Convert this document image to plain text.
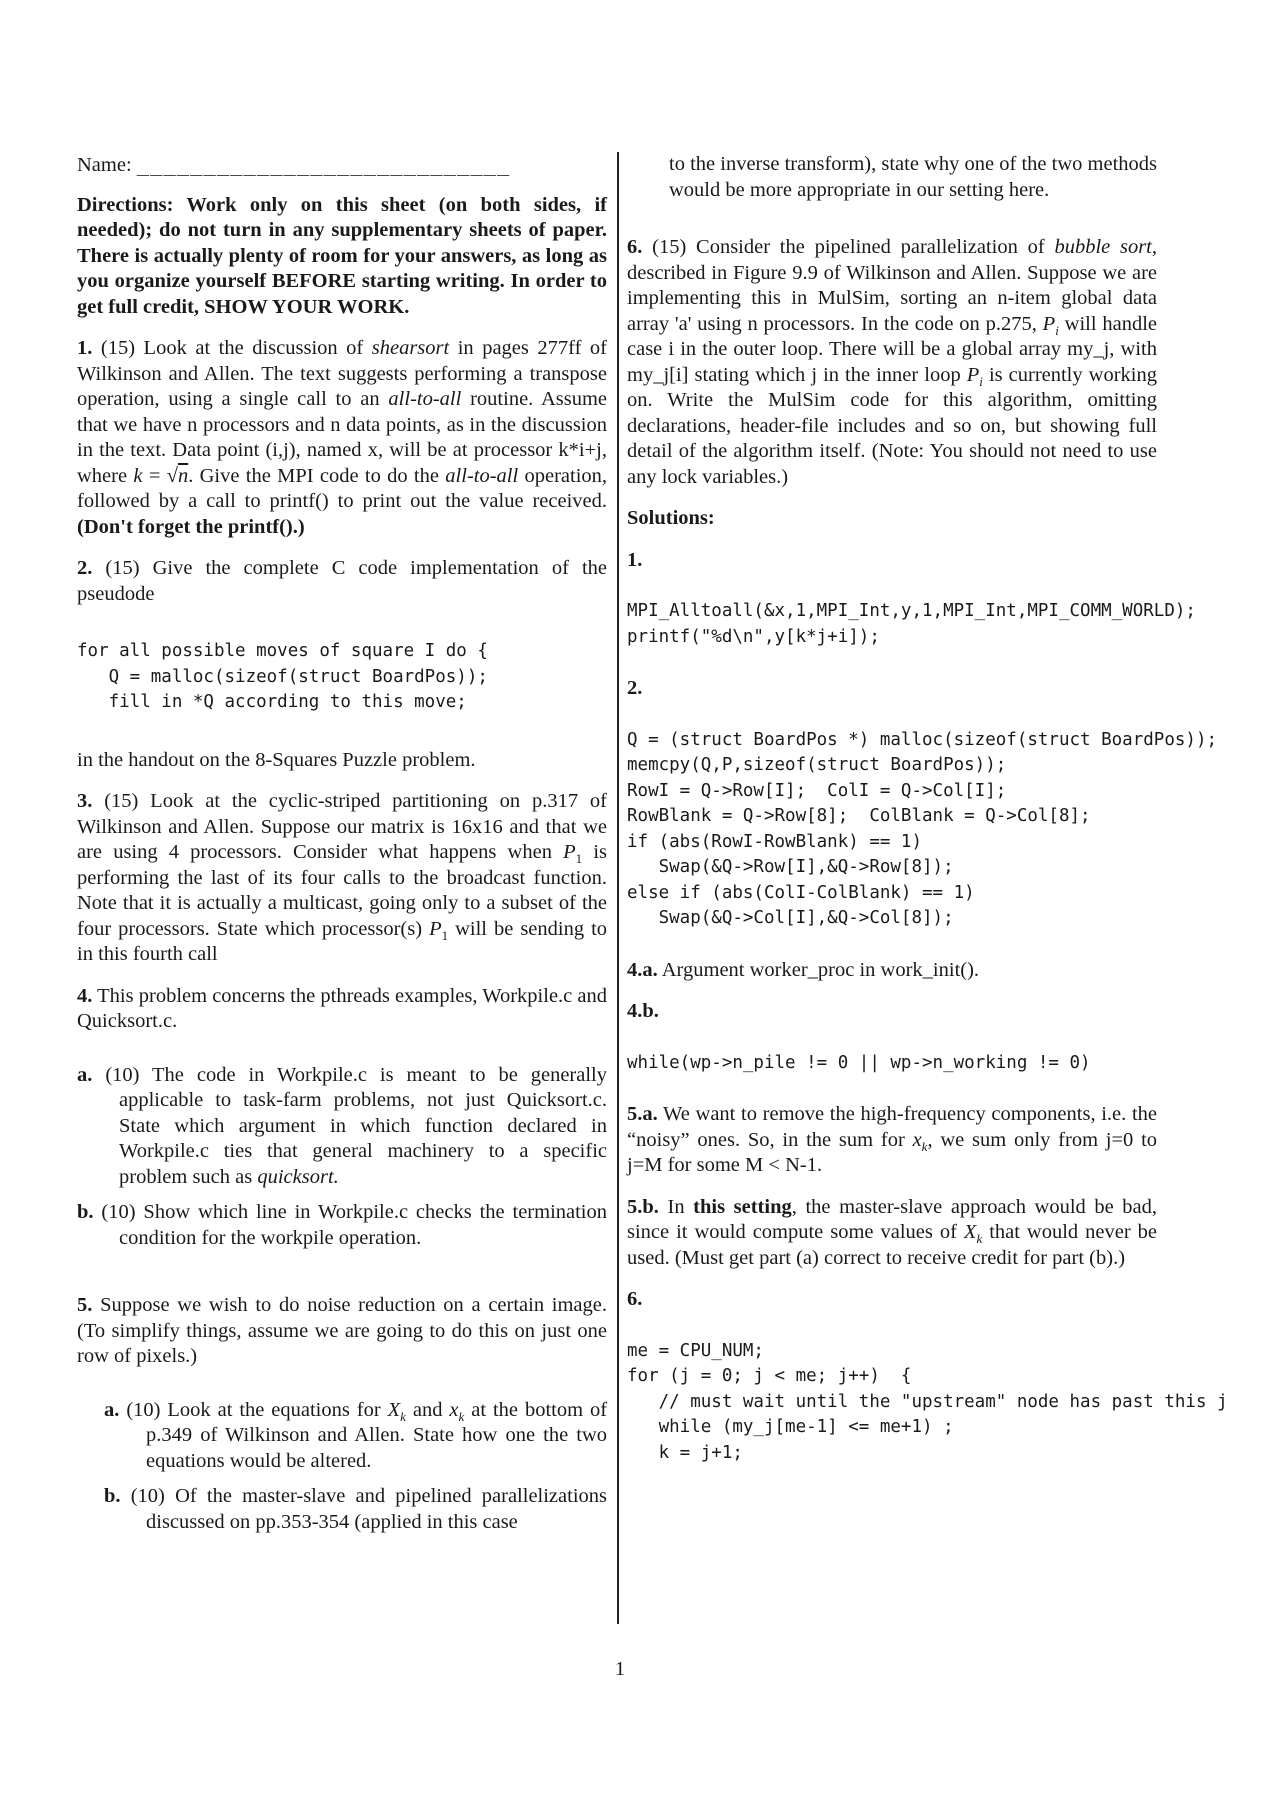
Name: ____________________________

Directions: Work only on this sheet (on both sides, if needed); do not turn in any supplementary sheets of paper. There is actually plenty of room for your answers, as long as you organize yourself BEFORE starting writing. In order to get full credit, SHOW YOUR WORK.

1. (15) Look at the discussion of shearsort in pages 277ff of Wilkinson and Allen. The text suggests performing a transpose operation, using a single call to an all-to-all routine. Assume that we have n processors and n data points, as in the discussion in the text. Data point (i,j), named x, will be at processor k*i+j, where k = √n. Give the MPI code to do the all-to-all operation, followed by a call to printf() to print out the value received. (Don't forget the printf().)

2. (15) Give the complete C code implementation of the pseudode

for all possible moves of square I do {
Q = malloc(sizeof(struct BoardPos));
fill in *Q according to this move;

in the handout on the 8-Squares Puzzle problem.

3. (15) Look at the cyclic-striped partitioning on p.317 of Wilkinson and Allen. Suppose our matrix is 16x16 and that we are using 4 processors. Consider what happens when $P_1$ is performing the last of its four calls to the broadcast function. Note that it is actually a multicast, going only to a subset of the four processors. State which processor(s) $P_1$ will be sending to in this fourth call

4. This problem concerns the pthreads examples, Workpile.c and Quicksort.c.

a. (10) The code in Workpile.c is meant to be generally applicable to task-farm problems, not just Quicksort.c. State which argument in which function declared in Workpile.c ties that general machinery to a specific problem such as quicksort.

b. (10) Show which line in Workpile.c checks the termination condition for the workpile operation.

5. Suppose we wish to do noise reduction on a certain image. (To simplify things, assume we are going to do this on just one row of pixels.)

a. (10) Look at the equations for $X_k$ and $x_k$ at the bottom of p.349 of Wilkinson and Allen. State how one the two equations would be altered.

b. (10) Of the master-slave and pipelined parallelizations discussed on pp.353-354 (applied in this case

to the inverse transform), state why one of the two methods would be more appropriate in our setting here.

6. (15) Consider the pipelined parallelization of bubble sort, described in Figure 9.9 of Wilkinson and Allen. Suppose we are implementing this in MulSim, sorting an n-item global data array 'a' using n processors. In the code on p.275, $P_i$ will handle case i in the outer loop. There will be a global array my_j, with my_j[i] stating which j in the inner loop $P_i$ is currently working on. Write the MulSim code for this algorithm, omitting declarations, header-file includes and so on, but showing full detail of the algorithm itself. (Note: You should not need to use any lock variables.)

Solutions:

1.

MPI_Alltoall(&x,1,MPI_Int,y,1,MPI_Int,MPI_COMM_WORLD);
printf("%d\n",y[k*j+i]);

2.

Q = (struct BoardPos *) malloc(sizeof(struct BoardPos));
memcpy(Q,P,sizeof(struct BoardPos));
RowI = Q->Row[I];  ColI = Q->Col[I];
RowBlank = Q->Row[8];  ColBlank = Q->Col[8];
if (abs(RowI-RowBlank) == 1)
Swap(&Q->Row[I],&Q->Row[8]);
else if (abs(ColI-ColBlank) == 1)
Swap(&Q->Col[I],&Q->Col[8]);

4.a. Argument worker_proc in work_init().

4.b.

while(wp->n_pile != 0 || wp->n_working != 0)

5.a. We want to remove the high-frequency components, i.e. the “noisy” ones. So, in the sum for $x_k$, we sum only from j=0 to j=M for some M < N-1.

5.b. In this setting, the master-slave approach would be bad, since it would compute some values of $X_k$ that would never be used. (Must get part (a) correct to receive credit for part (b).)

6.

me = CPU_NUM;
for (j = 0; j < me; j++)  {
// must wait until the "upstream" node has past this j
while (my_j[me-1] <= me+1) ;
k = j+1;
1
